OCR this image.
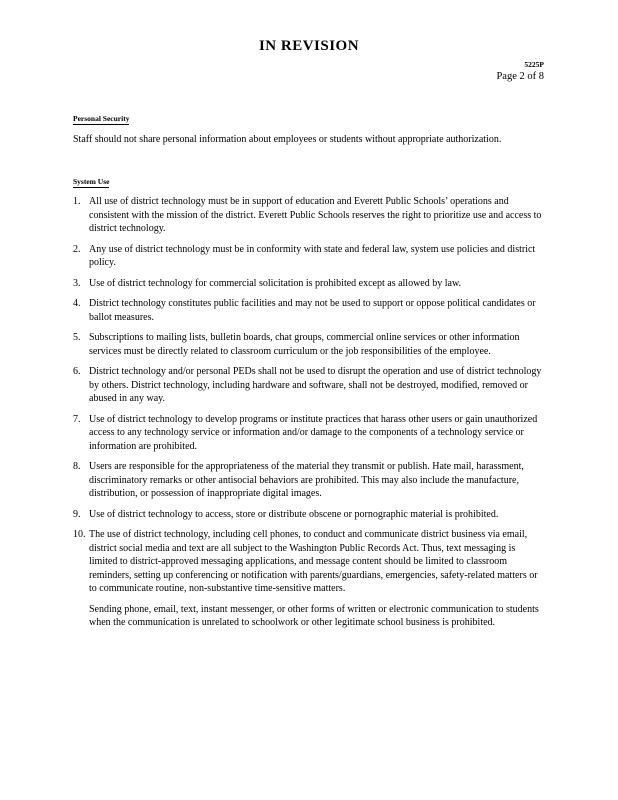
IN REVISION
5225P
Page 2 of 8
Personal Security

Staff should not share personal information about employees or students without appropriate authorization.

System Use
1. All use of district technology must be in support of education and Everett Public Schools’ operations and consistent with the mission of the district. Everett Public Schools reserves the right to prioritize use and access to district technology.

2. Any use of district technology must be in conformity with state and federal law, system use policies and district policy.

3. Use of district technology for commercial solicitation is prohibited except as allowed by law.

4. District technology constitutes public facilities and may not be used to support or oppose political candidates or ballot measures.

5. Subscriptions to mailing lists, bulletin boards, chat groups, commercial online services or other information services must be directly related to classroom curriculum or the job responsibilities of the employee.

6. District technology and/or personal PEDs shall not be used to disrupt the operation and use of district technology by others. District technology, including hardware and software, shall not be destroyed, modified, removed or abused in any way.

7. Use of district technology to develop programs or institute practices that harass other users or gain unauthorized access to any technology service or information and/or damage to the components of a technology service or information are prohibited.

8. Users are responsible for the appropriateness of the material they transmit or publish. Hate mail, harassment, discriminatory remarks or other antisocial behaviors are prohibited. This may also include the manufacture, distribution, or possession of inappropriate digital images.

9. Use of district technology to access, store or distribute obscene or pornographic material is prohibited.

10. The use of district technology, including cell phones, to conduct and communicate district business via email, district social media and text are all subject to the Washington Public Records Act. Thus, text messaging is limited to district-approved messaging applications, and message content should be limited to classroom reminders, setting up conferencing or notification with parents/guardians, emergencies, safety-related matters or to communicate routine, non-substantive time-sensitive matters.

Sending phone, email, text, instant messenger, or other forms of written or electronic communication to students when the communication is unrelated to schoolwork or other legitimate school business is prohibited.
